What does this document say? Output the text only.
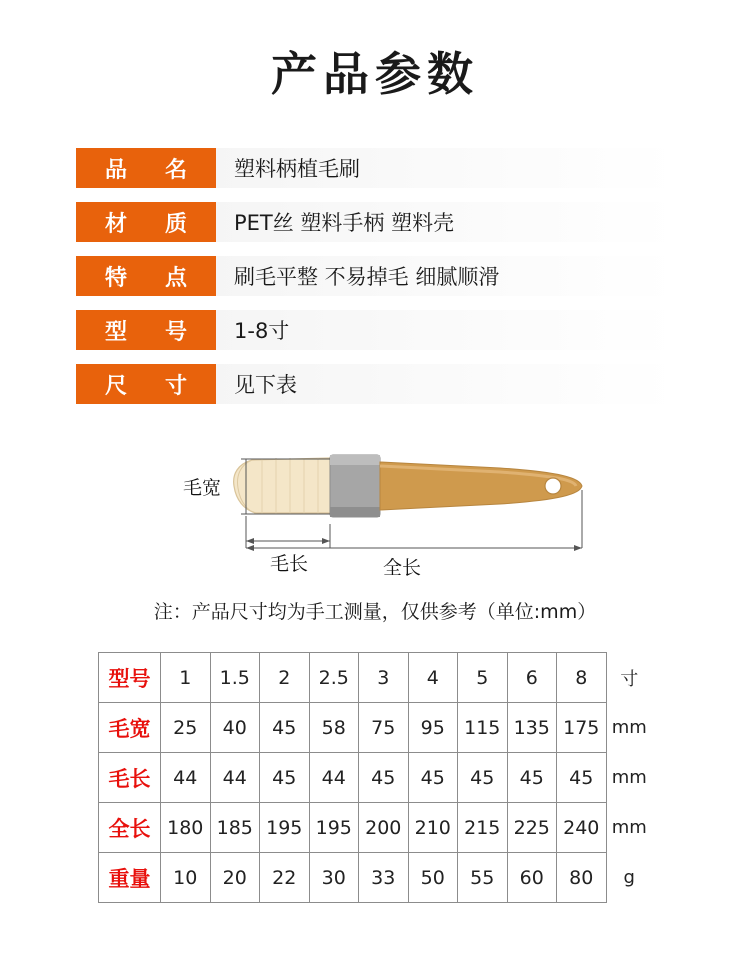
产品参数
品　名	塑料柄植毛刷
材　质	PET丝 塑料手柄 塑料壳
特　点	刷毛平整 不易掉毛 细腻顺滑
型　号	1-8寸
尺　寸	见下表
毛宽
毛长	全长
注：产品尺寸均为手工测量，仅供参考（单位:mm）
型号	1	1.5	2	2.5	3	4	5	6	8	寸
毛宽	25	40	45	58	75	95	115	135	175	mm
毛长	44	44	45	44	45	45	45	45	45	mm
全长	180	185	195	195	200	210	215	225	240	mm
重量	10	20	22	30	33	50	55	60	80	g
